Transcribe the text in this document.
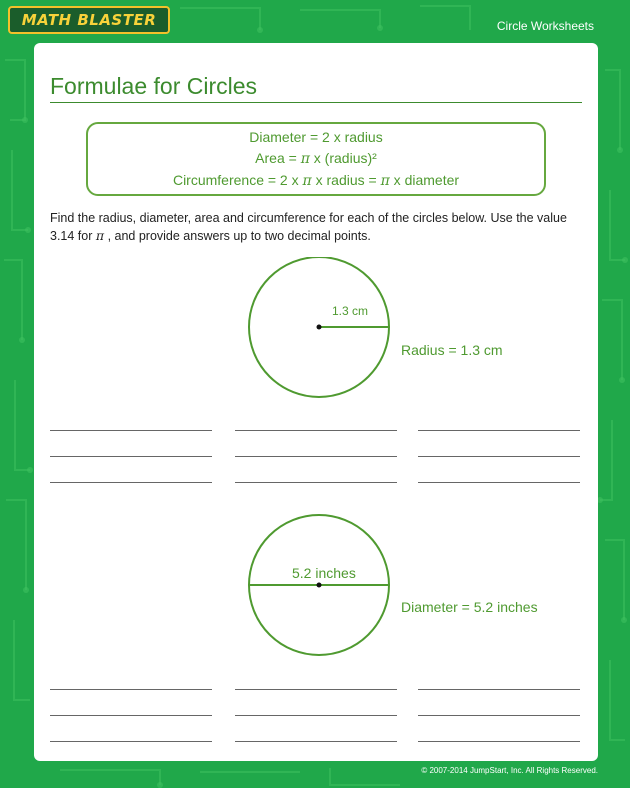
MATH BLASTER	Circle Worksheets
Formulae for Circles
Diameter = 2 x radius
Area = π x (radius)²
Circumference = 2 x π x radius = π x diameter
Find the radius, diameter, area and circumference for each of the circles below. Use the value 3.14 for π , and provide answers up to two decimal points.
1.3 cm
Radius = 1.3 cm
5.2 inches
Diameter = 5.2 inches
© 2007-2014 JumpStart, Inc. All Rights Reserved.
